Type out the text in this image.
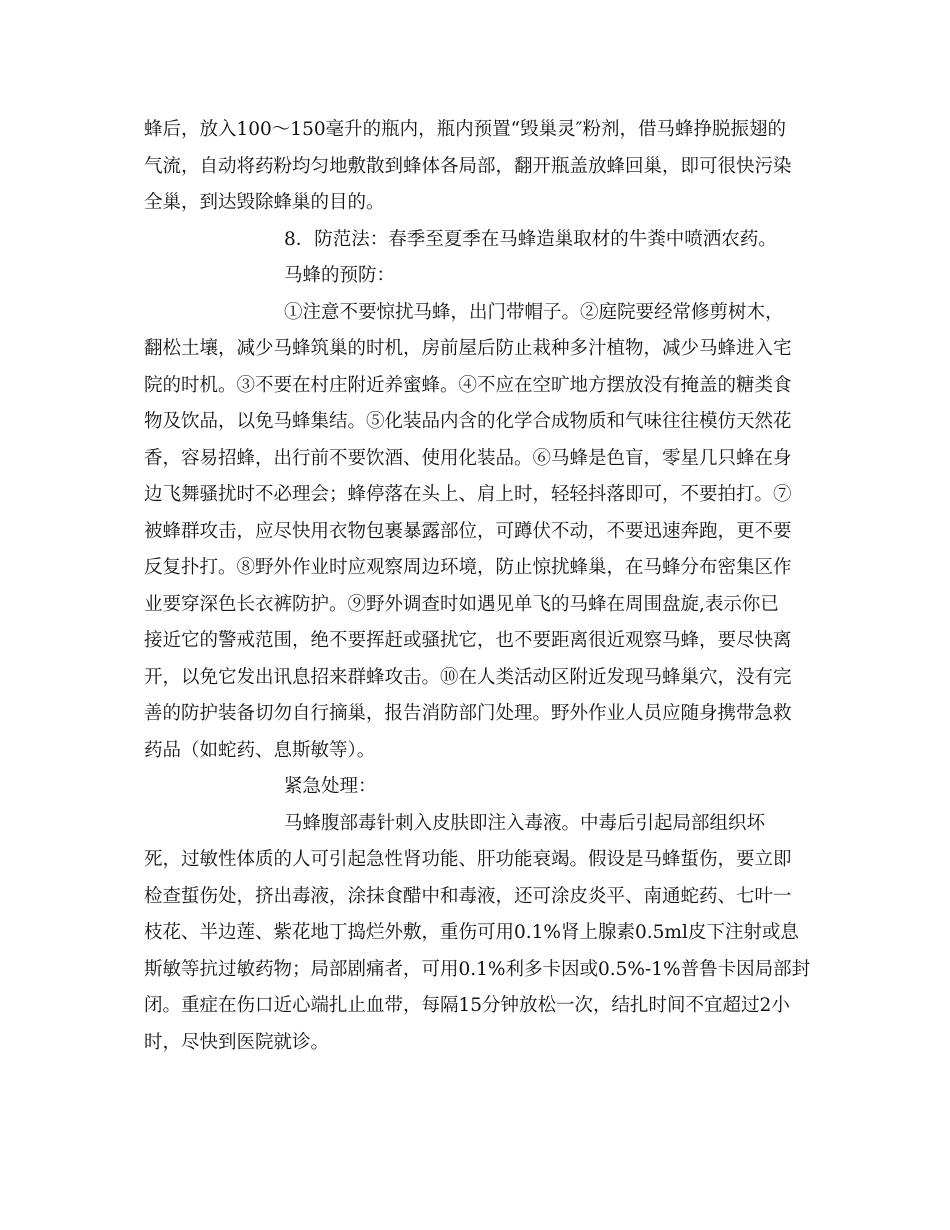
蜂后，放入100～150毫升的瓶内，瓶内预置“毁巢灵″粉剂，借马蜂挣脱振翅的
气流，自动将药粉均匀地敷散到蜂体各局部，翻开瓶盖放蜂回巢，即可很快污染
全巢，到达毁除蜂巢的目的。
8．防范法：春季至夏季在马蜂造巢取材的牛粪中喷洒农药。
马蜂的预防：
①注意不要惊扰马蜂，出门带帽子。②庭院要经常修剪树木，
翻松土壤，减少马蜂筑巢的时机，房前屋后防止栽种多汁植物，减少马蜂进入宅
院的时机。③不要在村庄附近养蜜蜂。④不应在空旷地方摆放没有掩盖的糖类食
物及饮品，以免马蜂集结。⑤化装品内含的化学合成物质和气味往往模仿天然花
香，容易招蜂，出行前不要饮酒、使用化装品。⑥马蜂是色盲，零星几只蜂在身
边飞舞骚扰时不必理会；蜂停落在头上、肩上时，轻轻抖落即可，不要拍打。⑦
被蜂群攻击，应尽快用衣物包裹暴露部位，可蹲伏不动，不要迅速奔跑，更不要
反复扑打。⑧野外作业时应观察周边环境，防止惊扰蜂巢，在马蜂分布密集区作
业要穿深色长衣裤防护。⑨野外调查时如遇见单飞的马蜂在周围盘旋,表示你已
接近它的警戒范围，绝不要挥赶或骚扰它，也不要距离很近观察马蜂，要尽快离
开，以免它发出讯息招来群蜂攻击。⑩在人类活动区附近发现马蜂巢穴，没有完
善的防护装备切勿自行摘巢，报告消防部门处理。野外作业人员应随身携带急救
药品（如蛇药、息斯敏等）。
紧急处理：
马蜂腹部毒针刺入皮肤即注入毒液。中毒后引起局部组织坏
死，过敏性体质的人可引起急性肾功能、肝功能衰竭。假设是马蜂蜇伤，要立即
检查蜇伤处，挤出毒液，涂抹食醋中和毒液，还可涂皮炎平、南通蛇药、七叶一
枝花、半边莲、紫花地丁捣烂外敷，重伤可用0.1%肾上腺素0.5ml皮下注射或息
斯敏等抗过敏药物；局部剧痛者，可用0.1%利多卡因或0.5%-1%普鲁卡因局部封
闭。重症在伤口近心端扎止血带，每隔15分钟放松一次，结扎时间不宜超过2小
时，尽快到医院就诊。
